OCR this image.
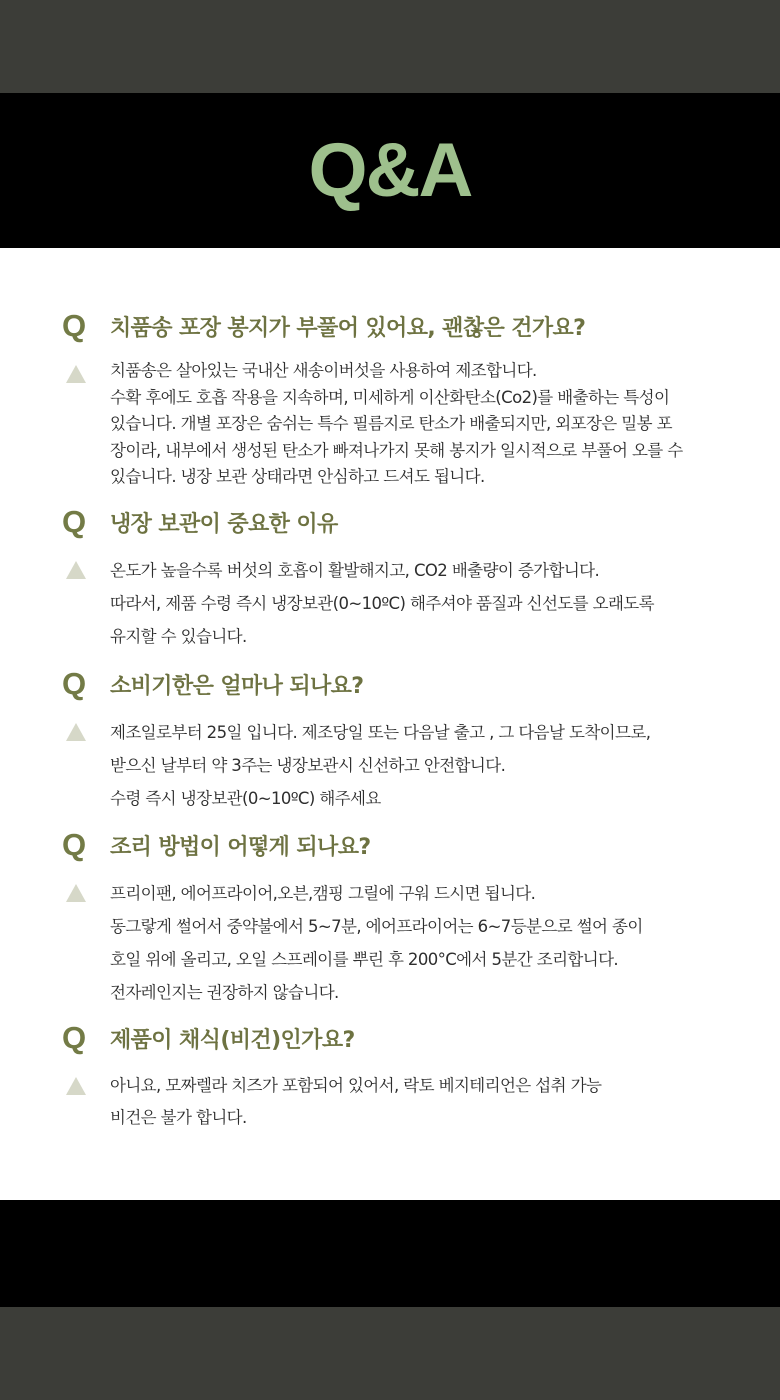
Q&A
Q	치품송 포장 봉지가 부풀어 있어요, 괜찮은 건가요?
치품송은 살아있는 국내산 새송이버섯을 사용하여 제조합니다.
수확 후에도 호흡 작용을 지속하며, 미세하게 이산화탄소(Co2)를 배출하는 특성이
있습니다. 개별 포장은 숨쉬는 특수 필름지로 탄소가 배출되지만, 외포장은 밀봉 포
장이라, 내부에서 생성된 탄소가 빠져나가지 못해 봉지가 일시적으로 부풀어 오를 수
있습니다. 냉장 보관 상태라면 안심하고 드셔도 됩니다.
Q	냉장 보관이 중요한 이유
온도가 높을수록 버섯의 호흡이 활발해지고, CO2 배출량이 증가합니다.
따라서, 제품 수령 즉시 냉장보관(0~10ºC) 해주셔야 품질과 신선도를 오래도록
유지할 수 있습니다.
Q	소비기한은 얼마나 되나요?
제조일로부터 25일 입니다. 제조당일 또는 다음날 출고 , 그 다음날 도착이므로,
받으신 날부터 약 3주는 냉장보관시 신선하고 안전합니다.
수령 즉시 냉장보관(0~10ºC) 해주세요
Q	조리 방법이 어떻게 되나요?
프리이팬, 에어프라이어,오븐,캠핑 그릴에 구워 드시면 됩니다.
동그랗게 썰어서 중약불에서 5~7분, 에어프라이어는 6~7등분으로 썰어 종이
호일 위에 올리고, 오일 스프레이를 뿌린 후 200°C에서 5분간 조리합니다.
전자레인지는 권장하지 않습니다.
Q	제품이 채식(비건)인가요?
아니요, 모짜렐라 치즈가 포함되어 있어서, 락토 베지테리언은 섭취 가능
비건은 불가 합니다.
